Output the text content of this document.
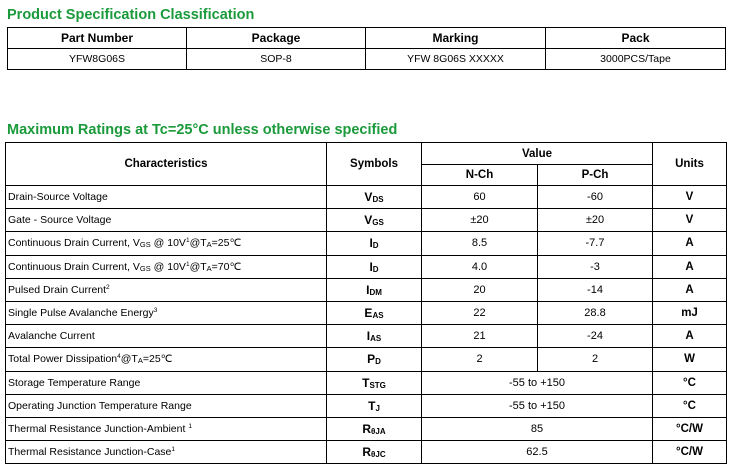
Product Specification Classification
Part Number	Package	Marking	Pack
YFW8G06S	SOP-8	YFW 8G06S XXXXX	3000PCS/Tape
Maximum Ratings at Tc=25°C unless otherwise specified
Characteristics	Symbols	Value		Units
		N-Ch	P-Ch	
Drain-Source Voltage	VDS	60	-60	V
Gate - Source Voltage	VGS	±20	±20	V
Continuous Drain Current, $V_{GS}$ @ $10V^1@T_A=25℃$	ID	8.5	-7.7	A
Continuous Drain Current, $V_{GS}$ @ $10V^1@T_A=70℃$	ID	4.0	-3	A
Pulsed Drain Current$^2$	IDM	20	-14	A
Single Pulse Avalanche Energy$^3$	EAS	22	28.8	mJ
Avalanche Current	IAS	21	-24	A
Total Power $Dissipation^4@T_A=25℃$	PD	2	2	W
Storage Temperature Range	TSTG	-55 to +150		°C
Operating Junction Temperature Range	TJ	-55 to +150		°C
Thermal Resistance Junction-Ambient $^1$	RθJA	85		°C/W
Thermal Resistance Junction-Case$^1$	RθJC	62.5		°C/W
